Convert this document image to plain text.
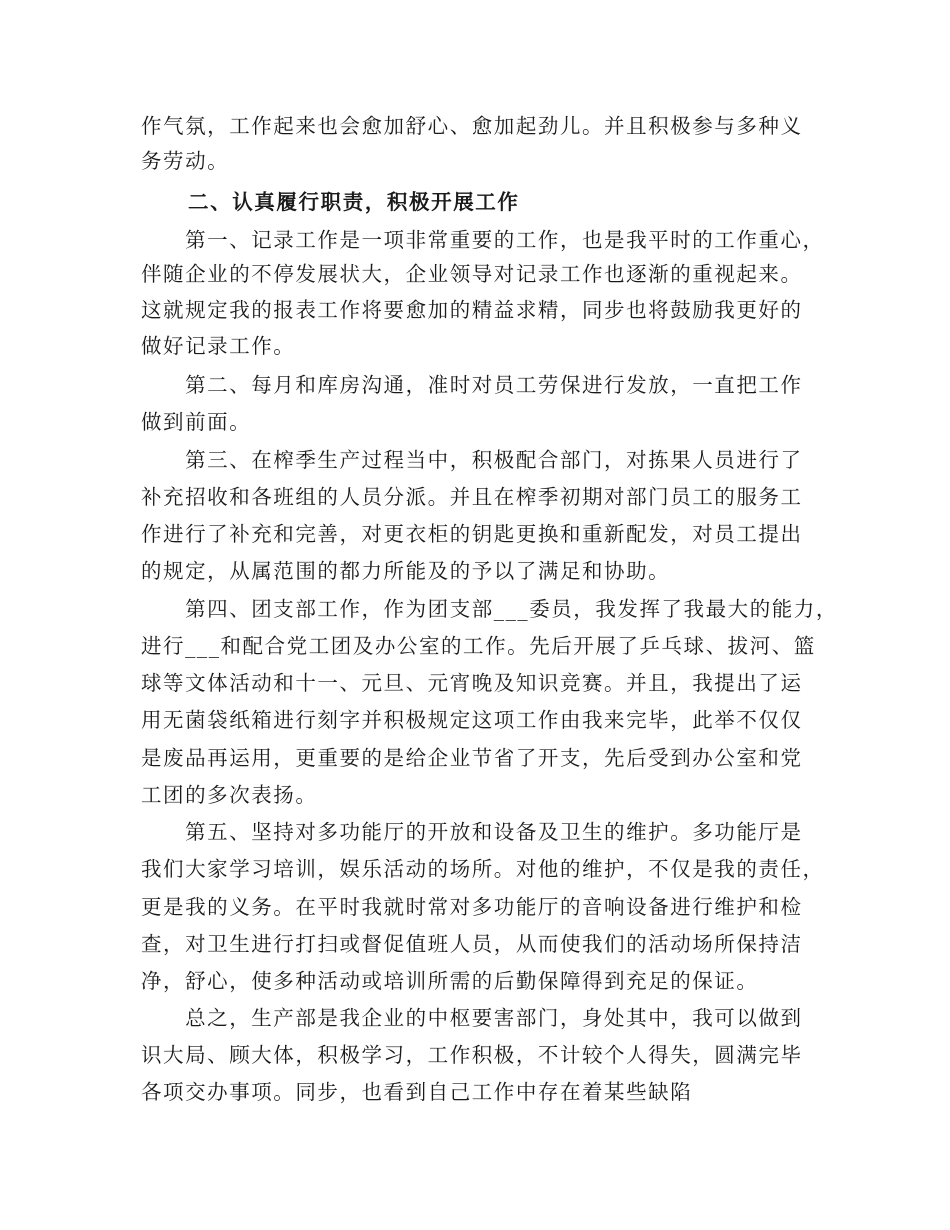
作气氛，工作起来也会愈加舒心、愈加起劲儿。并且积极参与多种义
务劳动。
二、认真履行职责，积极开展工作
　　第一、记录工作是一项非常重要的工作，也是我平时的工作重心，
伴随企业的不停发展状大，企业领导对记录工作也逐渐的重视起来。
这就规定我的报表工作将要愈加的精益求精，同步也将鼓励我更好的
做好记录工作。
　　第二、每月和库房沟通，准时对员工劳保进行发放，一直把工作
做到前面。
　　第三、在榨季生产过程当中，积极配合部门，对拣果人员进行了
补充招收和各班组的人员分派。并且在榨季初期对部门员工的服务工
作进行了补充和完善，对更衣柜的钥匙更换和重新配发，对员工提出
的规定，从属范围的都力所能及的予以了满足和协助。
　　第四、团支部工作，作为团支部___委员，我发挥了我最大的能力，
进行___和配合党工团及办公室的工作。先后开展了乒乓球、拔河、篮
球等文体活动和十一、元旦、元宵晚及知识竞赛。并且，我提出了运
用无菌袋纸箱进行刻字并积极规定这项工作由我来完毕，此举不仅仅
是废品再运用，更重要的是给企业节省了开支，先后受到办公室和党
工团的多次表扬。
　　第五、坚持对多功能厅的开放和设备及卫生的维护。多功能厅是
我们大家学习培训，娱乐活动的场所。对他的维护，不仅是我的责任，
更是我的义务。在平时我就时常对多功能厅的音响设备进行维护和检
查，对卫生进行打扫或督促值班人员，从而使我们的活动场所保持洁
净，舒心，使多种活动或培训所需的后勤保障得到充足的保证。
　　总之，生产部是我企业的中枢要害部门，身处其中，我可以做到
识大局、顾大体，积极学习，工作积极，不计较个人得失，圆满完毕
各项交办事项。同步，也看到自己工作中存在着某些缺陷
